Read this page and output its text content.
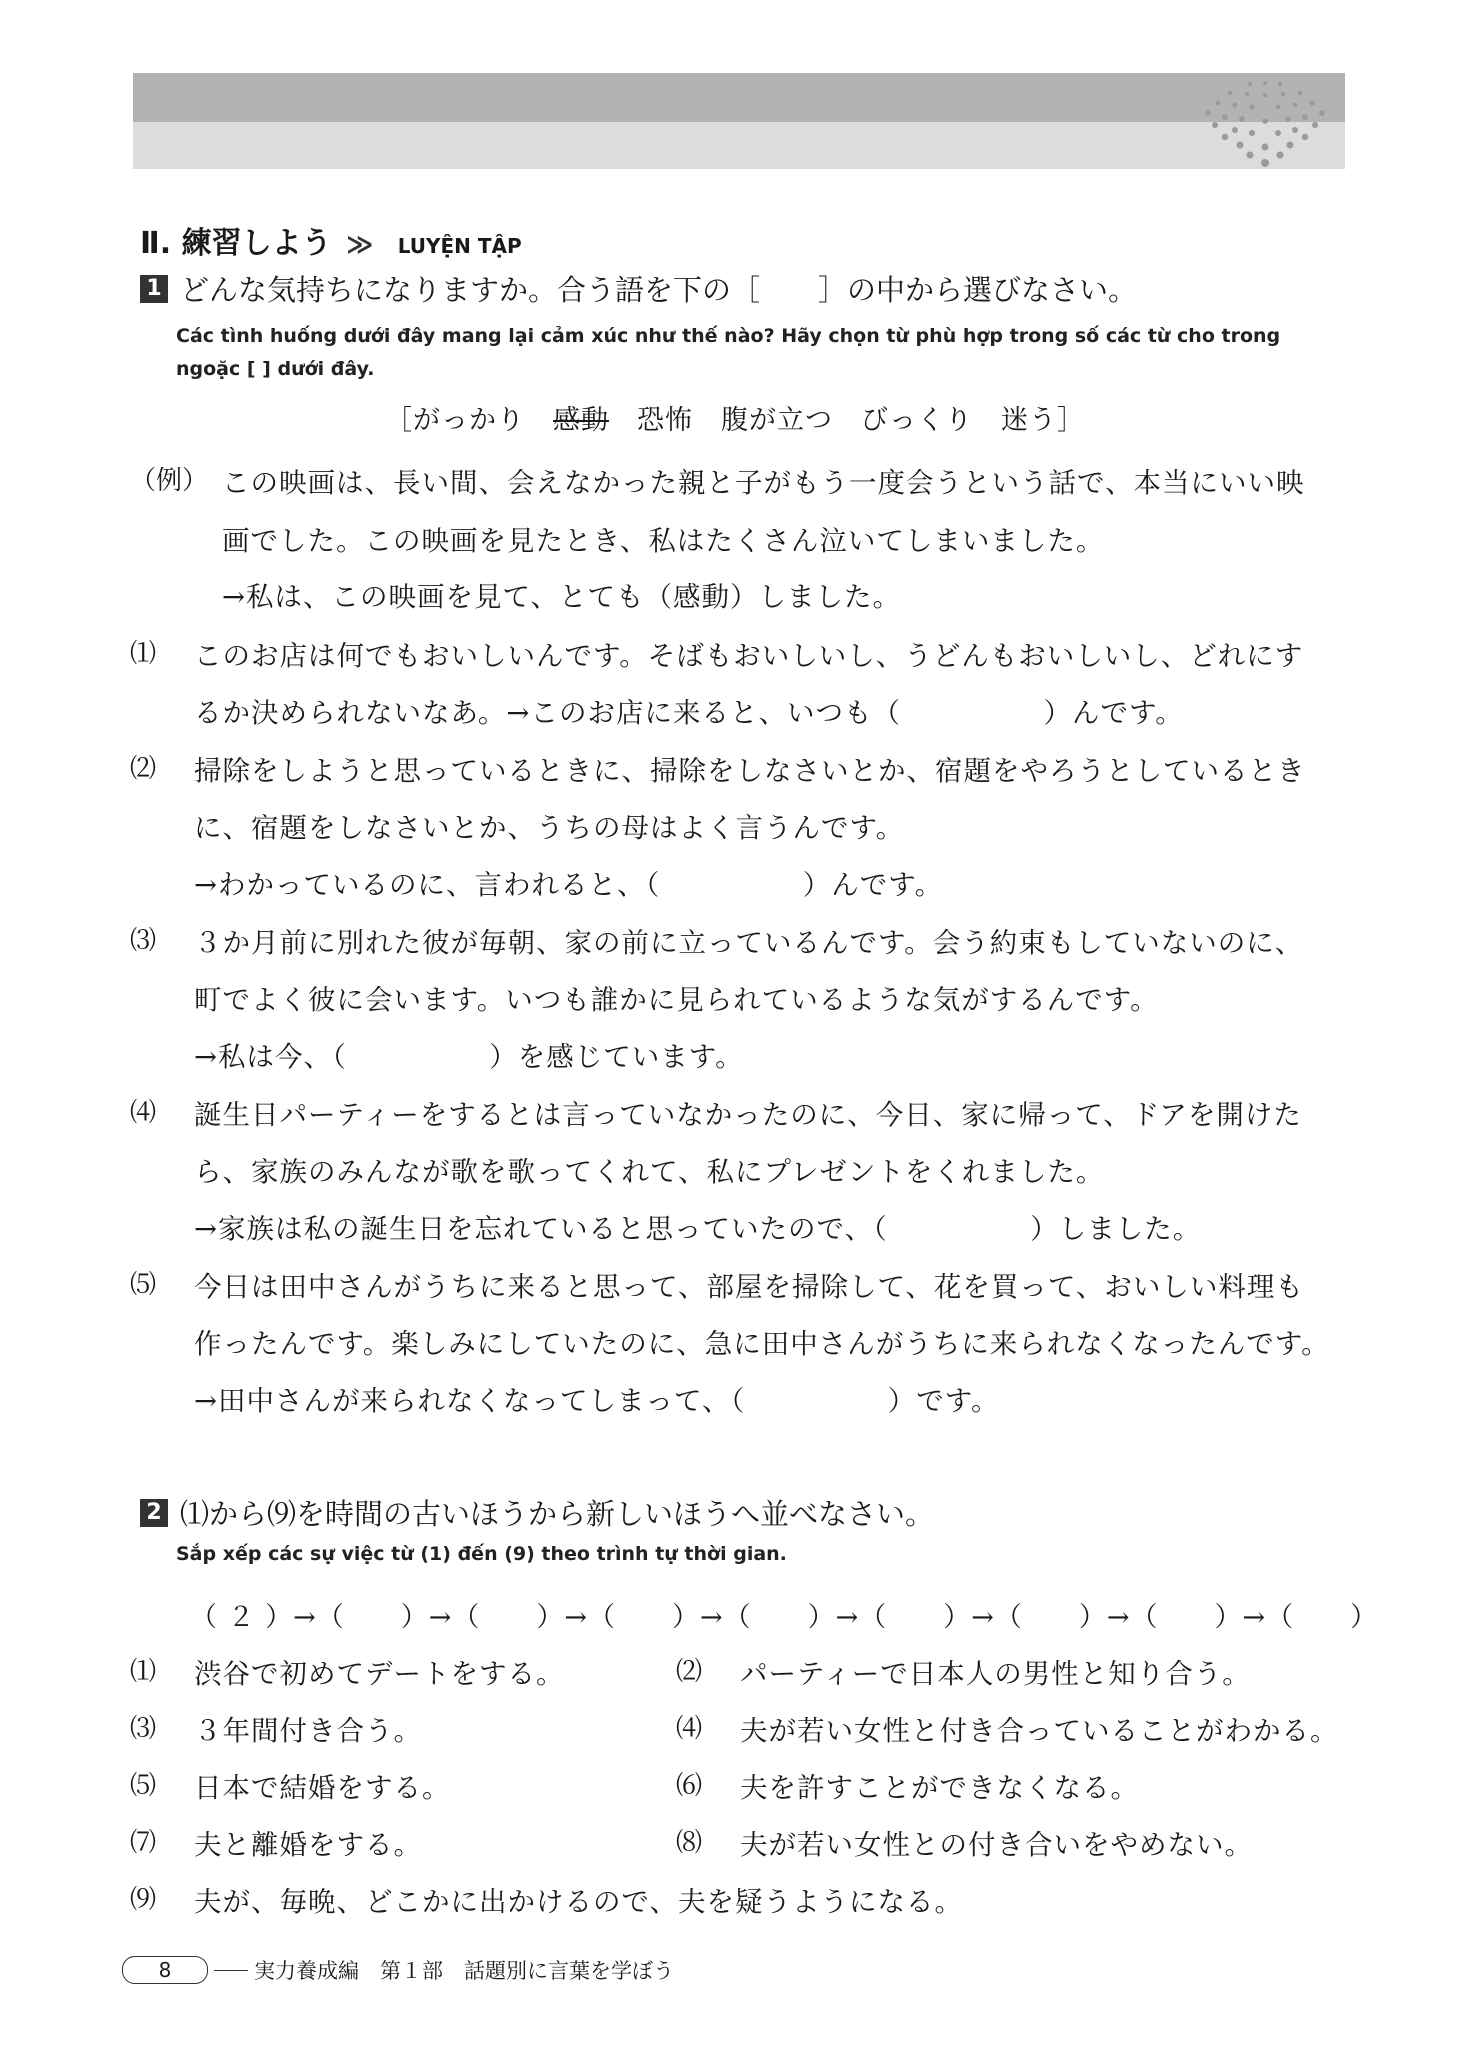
Ⅱ. 練習しよう ≫ LUYỆN TẬP
1 どんな気持ちになりますか。合う語を下の［　　］の中から選びなさい。
Các tình huống dưới đây mang lại cảm xúc như thế nào? Hãy chọn từ phù hợp trong số các từ cho trong ngoặc [ ] dưới đây.
［がっかり　 感動　 恐怖　 腹が立つ　 びっくり　 迷う］
（例） この映画は、長い間、会えなかった親と子がもう一度会うという話で、本当にいい映
画でした。この映画を見たとき、私はたくさん泣いてしまいました。
→私は、この映画を見て、とても（感動）しました。
⑴ このお店は何でもおいしいんです。そばもおいしいし、うどんもおいしいし、どれにす
るか決められないなあ。→このお店に来ると、いつも（　　　　　）んです。
⑵ 掃除をしようと思っているときに、掃除をしなさいとか、宿題をやろうとしているとき
に、宿題をしなさいとか、うちの母はよく言うんです。
→わかっているのに、言われると、（　　　　　）んです。
⑶ ３か月前に別れた彼が毎朝、家の前に立っているんです。会う約束もしていないのに、
町でよく彼に会います。いつも誰かに見られているような気がするんです。
→私は今、（　　　　　）を感じています。
⑷ 誕生日パーティーをするとは言っていなかったのに、今日、家に帰って、ドアを開けた
ら、家族のみんなが歌を歌ってくれて、私にプレゼントをくれました。
→家族は私の誕生日を忘れていると思っていたので、（　　　　　）しました。
⑸ 今日は田中さんがうちに来ると思って、部屋を掃除して、花を買って、おいしい料理も
作ったんです。楽しみにしていたのに、急に田中さんがうちに来られなくなったんです。
→田中さんが来られなくなってしまって、（　　　　　）です。
2 ⑴から⑼を時間の古いほうから新しいほうへ並べなさい。
Sắp xếp các sự việc từ (1) đến (9) theo trình tự thời gian.
（ ２ ）→（　　）→（　　）→（　　）→（　　）→（　　）→（　　）→（　　）→（　　）
⑴ 渋谷で初めてデートをする。	⑵ パーティーで日本人の男性と知り合う。
⑶ ３年間付き合う。	⑷ 夫が若い女性と付き合っていることがわかる。
⑸ 日本で結婚をする。	⑹ 夫を許すことができなくなる。
⑺ 夫と離婚をする。	⑻ 夫が若い女性との付き合いをやめない。
⑼ 夫が、毎晩、どこかに出かけるので、夫を疑うようになる。
8	実力養成編　第１部　話題別に言葉を学ぼう
